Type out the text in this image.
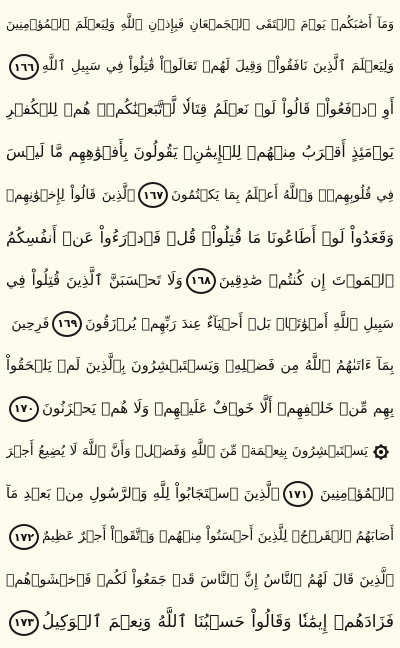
وَمَآ أَصَٰبَكُمۡ يَوۡمَ ٱلۡتَقَى ٱلۡجَمۡعَانِ فَبِإِذۡنِ ٱللَّهِ وَلِيَعۡلَمَ ٱلۡمُؤۡمِنِينَ
وَلِيَعۡلَمَ ٱلَّذِينَ نَافَقُواْۚ وَقِيلَ لَهُمۡ تَعَالَوۡاْ قَٰتِلُواْ فِي سَبِيلِ ٱللَّهِ
١٦٦
أَوِ ٱدۡفَعُواْۖ قَالُواْ لَوۡ نَعۡلَمُ قِتَالٗا لَّٱتَّبَعۡنَٰكُمۡۗ هُمۡ لِلۡكُفۡرِ
يَوۡمَئِذٍ أَقۡرَبُ مِنۡهُمۡ لِلۡإِيمَٰنِۚ يَقُولُونَ بِأَفۡوَٰهِهِم مَّا لَيۡسَ
فِي قُلُوبِهِمۡۚ وَٱللَّهُ أَعۡلَمُ بِمَا يَكۡتُمُونَ
١٦٧
ٱلَّذِينَ قَالُواْ لِإِخۡوَٰنِهِمۡ
وَقَعَدُواْ لَوۡ أَطَاعُونَا مَا قُتِلُواْۗ قُلۡ فَٱدۡرَءُواْ عَنۡ أَنفُسِكُمُ
ٱلۡمَوۡتَ إِن كُنتُمۡ صَٰدِقِينَ
١٦٨
وَلَا تَحۡسَبَنَّ ٱلَّذِينَ قُتِلُواْ فِي
سَبِيلِ ٱللَّهِ أَمۡوَٰتَۢاۚ بَلۡ أَحۡيَآءٌ عِندَ رَبِّهِمۡ يُرۡزَقُونَ
١٦٩
فَرِحِينَ
بِمَآ ءَاتَىٰهُمُ ٱللَّهُ مِن فَضۡلِهِۦ وَيَسۡتَبۡشِرُونَ بِٱلَّذِينَ لَمۡ يَلۡحَقُواْ
بِهِم مِّنۡ خَلۡفِهِمۡ أَلَّا خَوۡفٌ عَلَيۡهِمۡ وَلَا هُمۡ يَحۡزَنُونَ
١٧٠
يَسۡتَبۡشِرُونَ بِنِعۡمَةٖ مِّنَ ٱللَّهِ وَفَضۡلٖ وَأَنَّ ٱللَّهَ لَا يُضِيعُ أَجۡرَ
ٱلۡمُؤۡمِنِينَ
١٧١
ٱلَّذِينَ ٱسۡتَجَابُواْ لِلَّهِ وَٱلرَّسُولِ مِنۢ بَعۡدِ مَآ
أَصَابَهُمُ ٱلۡقَرۡحُۚ لِلَّذِينَ أَحۡسَنُواْ مِنۡهُمۡ وَٱتَّقَوۡاْ أَجۡرٌ عَظِيمٌ
١٧٢
ٱلَّذِينَ قَالَ لَهُمُ ٱلنَّاسُ إِنَّ ٱلنَّاسَ قَدۡ جَمَعُواْ لَكُمۡ فَٱخۡشَوۡهُمۡ
فَزَادَهُمۡ إِيمَٰنٗا وَقَالُواْ حَسۡبُنَا ٱللَّهُ وَنِعۡمَ ٱلۡوَكِيلُ
١٧٣
